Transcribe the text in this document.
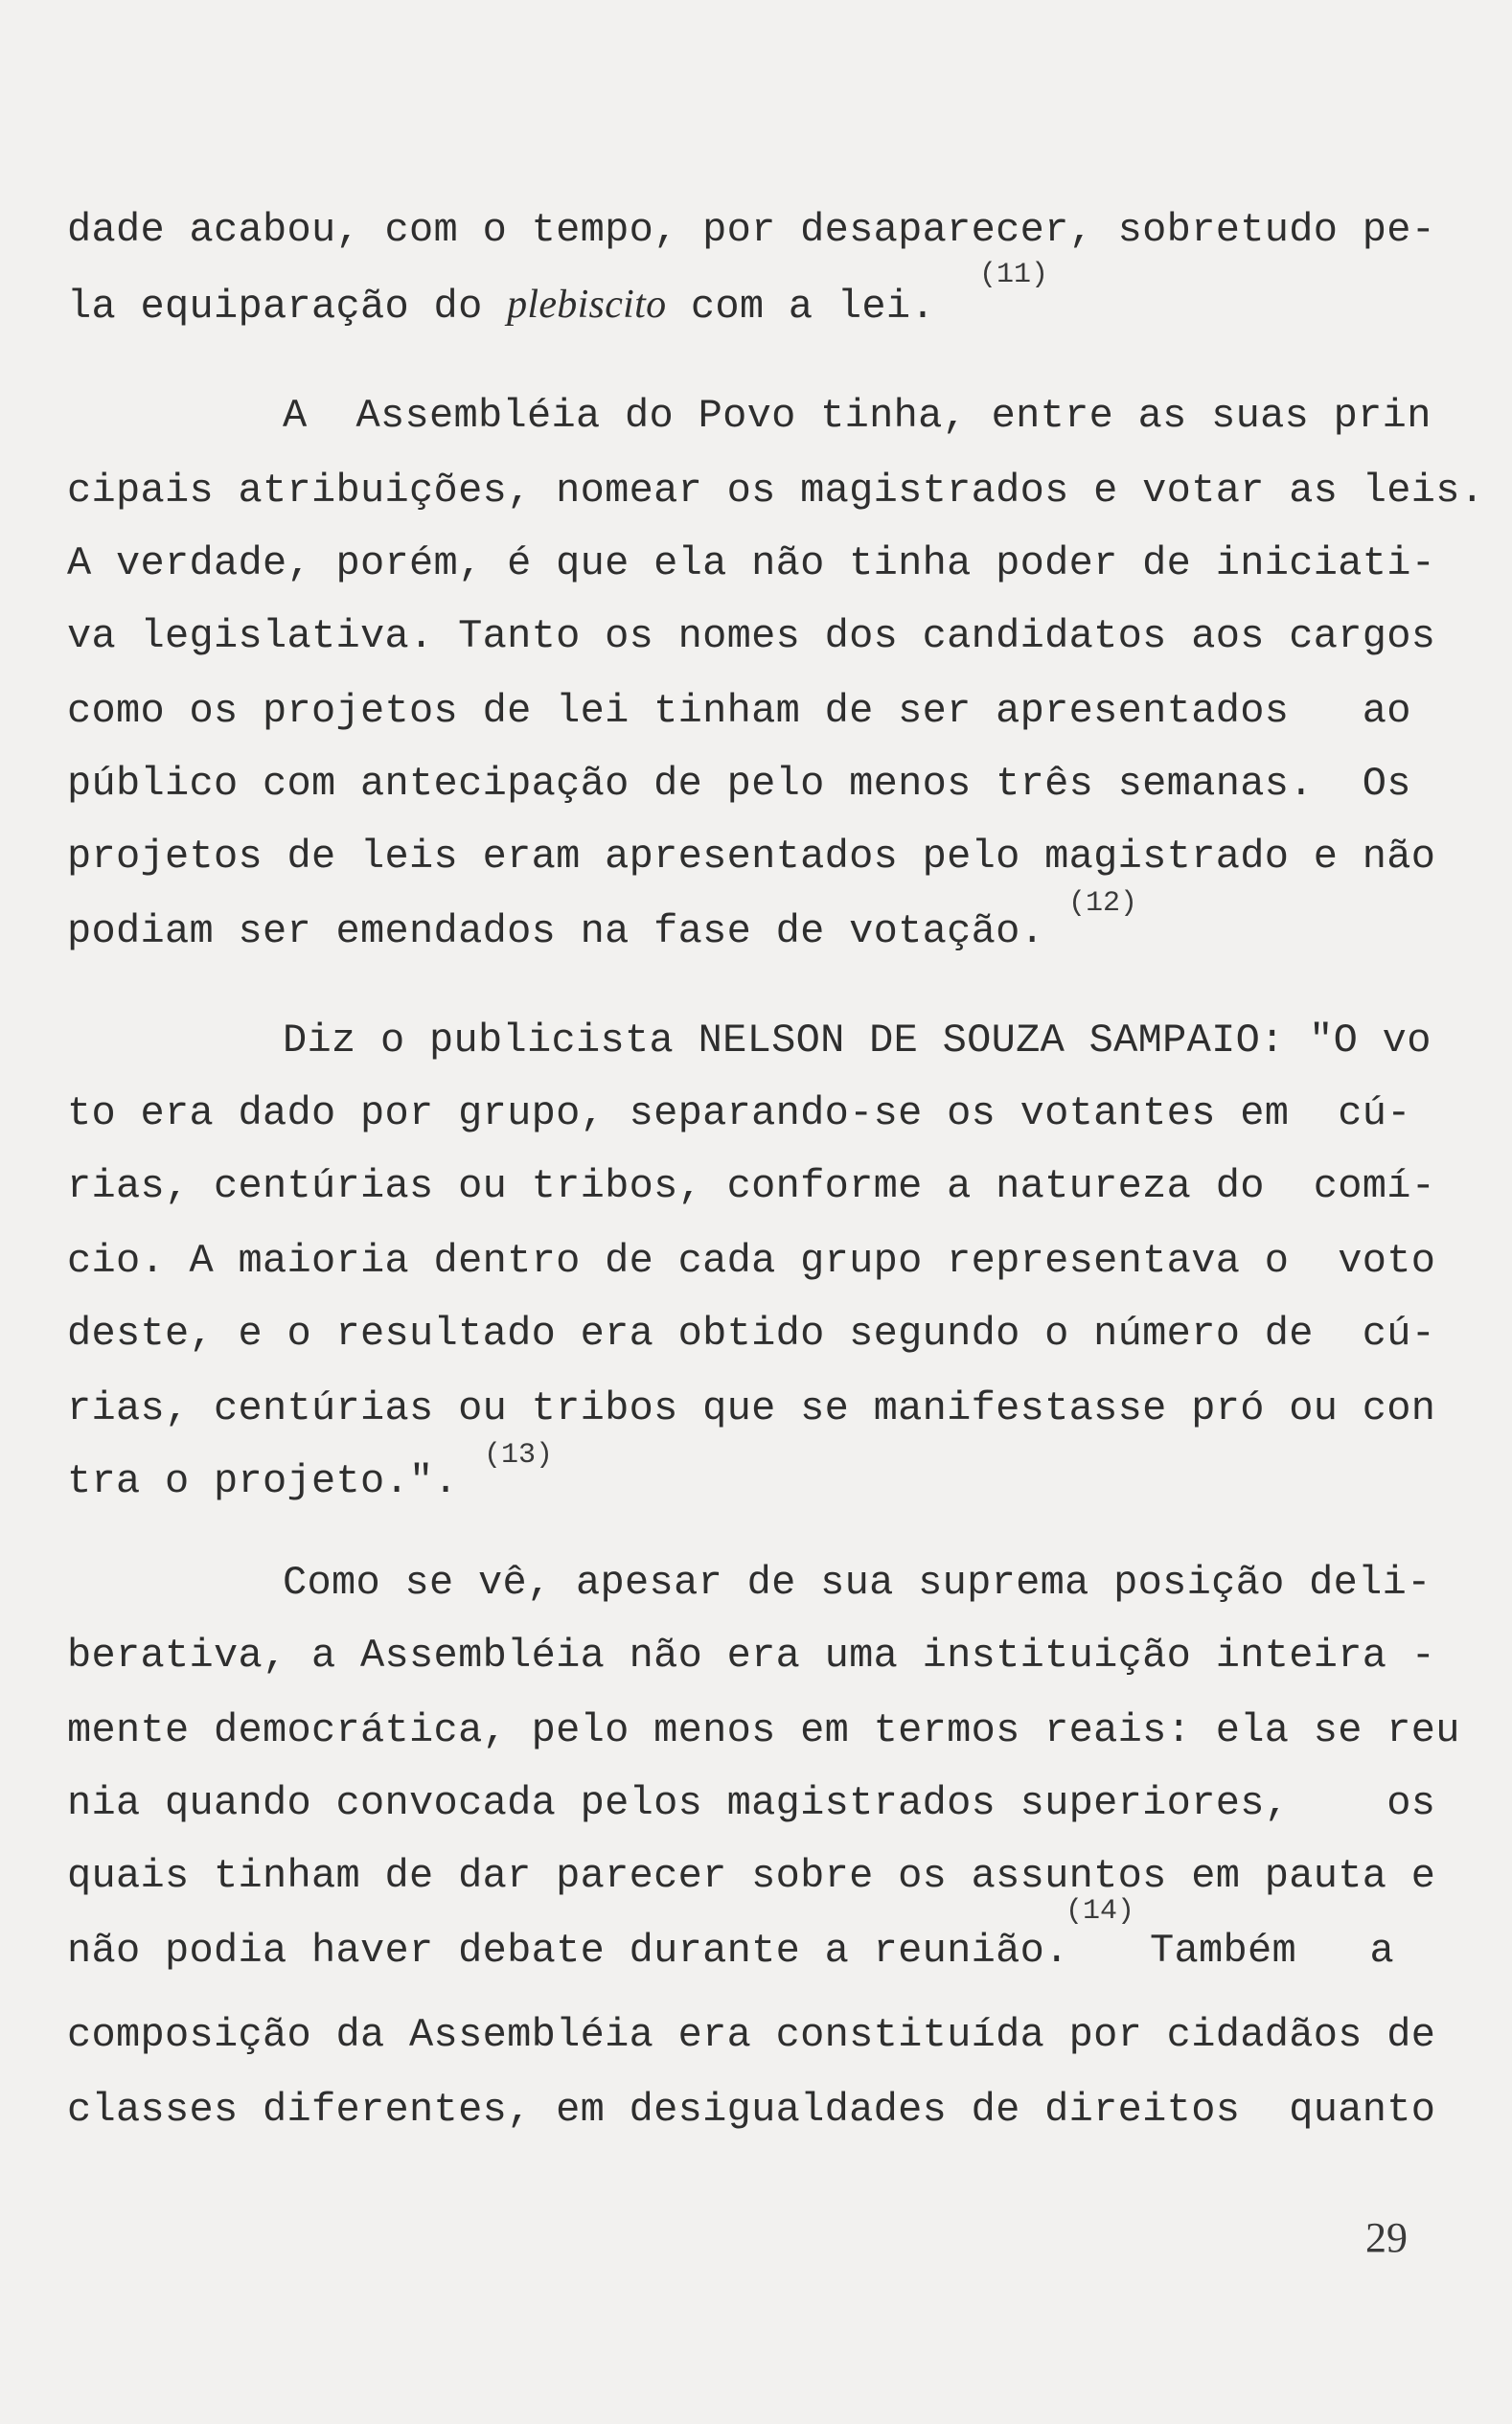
dade acabou, com o tempo, por desaparecer, sobretudo pe-
la equiparação do plebiscito com a lei.
(11)
A  Assembléia do Povo tinha, entre as suas prin
cipais atribuições, nomear os magistrados e votar as leis.
A verdade, porém, é que ela não tinha poder de iniciati-
va legislativa. Tanto os nomes dos candidatos aos cargos
como os projetos de lei tinham de ser apresentados   ao
público com antecipação de pelo menos três semanas.  Os
projetos de leis eram apresentados pelo magistrado e não
podiam ser emendados na fase de votação.
(12)
Diz o publicista NELSON DE SOUZA SAMPAIO: "O vo
to era dado por grupo, separando-se os votantes em  cú-
rias, centúrias ou tribos, conforme a natureza do  comí-
cio. A maioria dentro de cada grupo representava o  voto
deste, e o resultado era obtido segundo o número de  cú-
rias, centúrias ou tribos que se manifestasse pró ou con
tra o projeto.".
(13)
Como se vê, apesar de sua suprema posição deli-
berativa, a Assembléia não era uma instituição inteira -
mente democrática, pelo menos em termos reais: ela se reu
nia quando convocada pelos magistrados superiores,    os
quais tinham de dar parecer sobre os assuntos em pauta e
não podia haver debate durante a reunião.
(14)
Também   a
composição da Assembléia era constituída por cidadãos de
classes diferentes, em desigualdades de direitos  quanto
29
